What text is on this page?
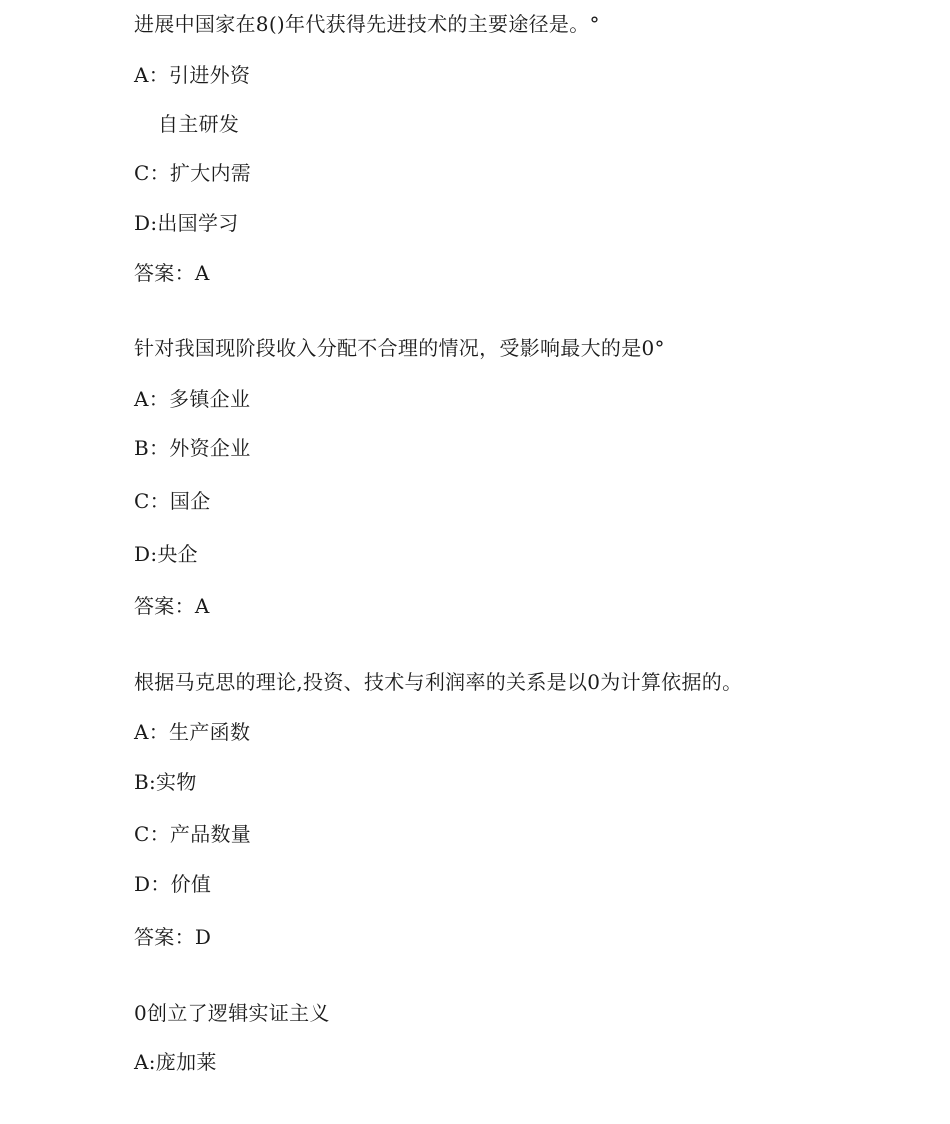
进展中国家在8()年代获得先进技术的主要途径是。°
A：引进外资
自主研发
C：扩大内需
D:出国学习
答案：A
针对我国现阶段收入分配不合理的情况，受影响最大的是0°
A：多镇企业
B：外资企业
C：国企
D:央企
答案：A
根据马克思的理论,投资、技术与利润率的关系是以0为计算依据的。
A：生产函数
B:实物
C：产品数量
D：价值
答案：D
0创立了逻辑实证主义
A:庞加莱
